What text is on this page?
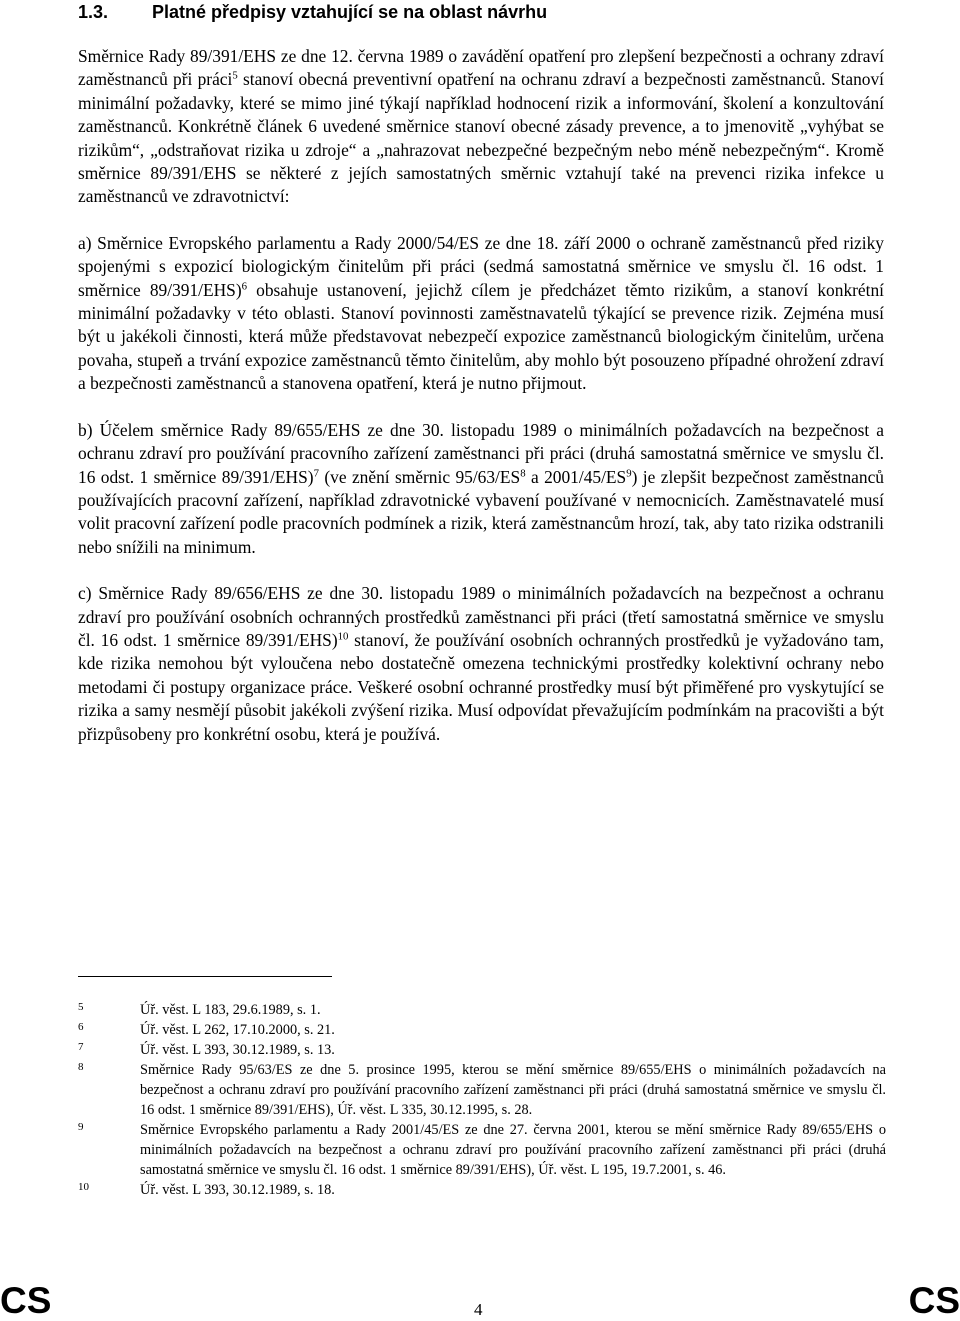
1.3. Platné předpisy vztahující se na oblast návrhu

Směrnice Rady 89/391/EHS ze dne 12. června 1989 o zavádění opatření pro zlepšení bezpečnosti a ochrany zdraví zaměstnanců při práci$^5$ stanoví obecná preventivní opatření na ochranu zdraví a bezpečnosti zaměstnanců. Stanoví minimální požadavky, které se mimo jiné týkají například hodnocení rizik a informování, školení a konzultování zaměstnanců. Konkrétně článek 6 uvedené směrnice stanoví obecné zásady prevence, a to jmenovitě „vyhýbat se rizikům“, „odstraňovat rizika u zdroje“ a „nahrazovat nebezpečné bezpečným nebo méně nebezpečným“. Kromě směrnice 89/391/EHS se některé z jejích samostatných směrnic vztahují také na prevenci rizika infekce u zaměstnanců ve zdravotnictví:

a) Směrnice Evropského parlamentu a Rady 2000/54/ES ze dne 18. září 2000 o ochraně zaměstnanců před riziky spojenými s expozicí biologickým činitelům při práci (sedmá samostatná směrnice ve smyslu čl. 16 odst. 1 směrnice 89/391/EHS)$^6$ obsahuje ustanovení, jejichž cílem je předcházet těmto rizikům, a stanoví konkrétní minimální požadavky v této oblasti. Stanoví povinnosti zaměstnavatelů týkající se prevence rizik. Zejména musí být u jakékoli činnosti, která může představovat nebezpečí expozice zaměstnanců biologickým činitelům, určena povaha, stupeň a trvání expozice zaměstnanců těmto činitelům, aby mohlo být posouzeno případné ohrožení zdraví a bezpečnosti zaměstnanců a stanovena opatření, která je nutno přijmout.

b) Účelem směrnice Rady 89/655/EHS ze dne 30. listopadu 1989 o minimálních požadavcích na bezpečnost a ochranu zdraví pro používání pracovního zařízení zaměstnanci při práci (druhá samostatná směrnice ve smyslu čl. 16 odst. 1 směrnice 89/391/EHS)$^7$ (ve znění směrnic $95/63/ES^8$ a $2001/45/ES^9$) je zlepšit bezpečnost zaměstnanců používajících pracovní zařízení, například zdravotnické vybavení používané v nemocnicích. Zaměstnavatelé musí volit pracovní zařízení podle pracovních podmínek a rizik, která zaměstnancům hrozí, tak, aby tato rizika odstranili nebo snížili na minimum.

c) Směrnice Rady 89/656/EHS ze dne 30. listopadu 1989 o minimálních požadavcích na bezpečnost a ochranu zdraví pro používání osobních ochranných prostředků zaměstnanci při práci (třetí samostatná směrnice ve smyslu čl. 16 odst. 1 směrnice 89/391/EHS)$^{10}$ stanoví, že používání osobních ochranných prostředků je vyžadováno tam, kde rizika nemohou být vyloučena nebo dostatečně omezena technickými prostředky kolektivní ochrany nebo metodami či postupy organizace práce. Veškeré osobní ochranné prostředky musí být přiměřené pro vyskytující se rizika a samy nesmějí působit jakékoli zvýšení rizika. Musí odpovídat převažujícím podmínkám na pracovišti a být přizpůsobeny pro konkrétní osobu, která je používá.

5	Úř. věst. L 183, 29.6.1989, s. 1.
6	Úř. věst. L 262, 17.10.2000, s. 21.
7	Úř. věst. L 393, 30.12.1989, s. 13.
8	Směrnice Rady 95/63/ES ze dne 5. prosince 1995, kterou se mění směrnice 89/655/EHS o minimálních požadavcích na bezpečnost a ochranu zdraví pro používání pracovního zařízení zaměstnanci při práci (druhá samostatná směrnice ve smyslu čl. 16 odst. 1 směrnice 89/391/EHS), Úř. věst. L 335, 30.12.1995, s. 28.
9	Směrnice Evropského parlamentu a Rady 2001/45/ES ze dne 27. června 2001, kterou se mění směrnice Rady 89/655/EHS o minimálních požadavcích na bezpečnost a ochranu zdraví pro používání pracovního zařízení zaměstnanci při práci (druhá samostatná směrnice ve smyslu čl. 16 odst. 1 směrnice 89/391/EHS), Úř. věst. L 195, 19.7.2001, s. 46.
10	Úř. věst. L 393, 30.12.1989, s. 18.
CS	4	CS
